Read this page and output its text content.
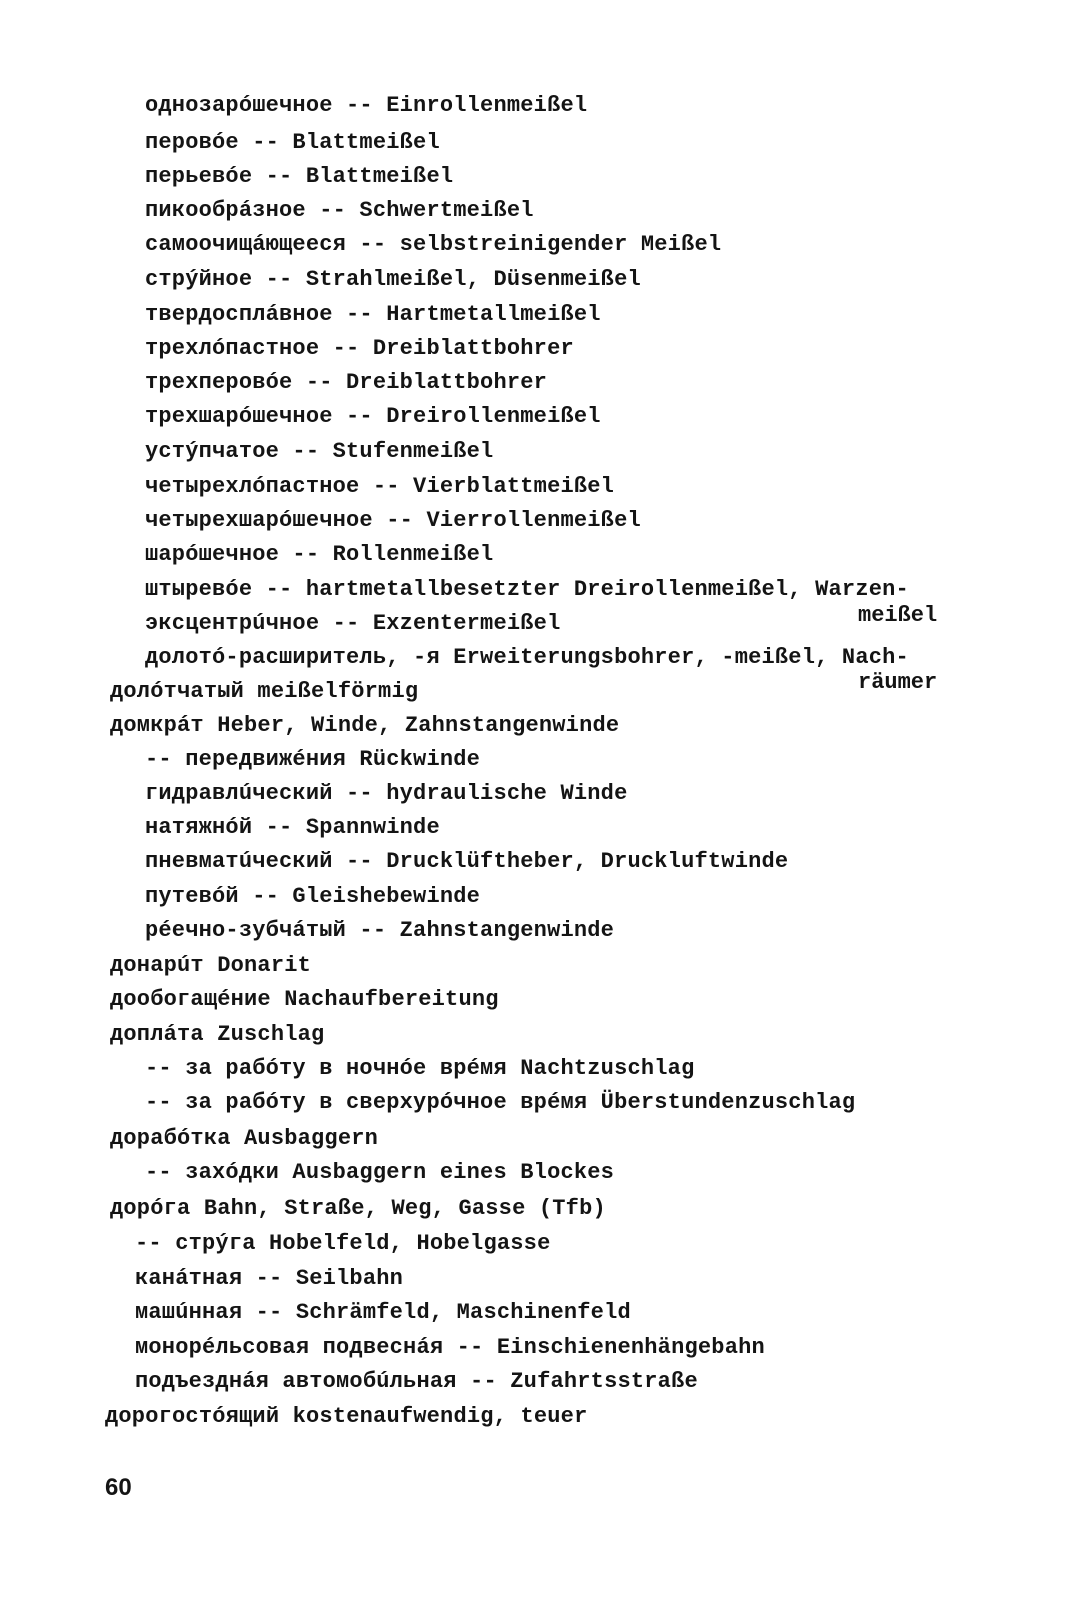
однозарóшечное -- Einrollenmeißel
перовóе -- Blattmeißel
перьевóе -- Blattmeißel
пикообрáзное -- Schwertmeißel
самоочищáющееся -- selbstreinigender Meißel
стрýйное -- Strahlmeißel, Düsenmeißel
твердосплáвное -- Hartmetallmeißel
трехлóпастное -- Dreiblattbohrer
трехперовóе -- Dreiblattbohrer
трехшарóшечное -- Dreirollenmeißel
устýпчатое -- Stufenmeißel
четырехлóпастное -- Vierblattmeißel
четырехшарóшечное -- Vierrollenmeißel
шарóшечное -- Rollenmeißel
штыревóе -- hartmetallbesetzter Dreirollenmeißel, Warzen-
meißel
эксцентрúчное -- Exzentermeißel
долотó-расширитель, -я Erweiterungsbohrer, -meißel, Nach-
räumer
долóтчатый meißelförmig
домкрáт Heber, Winde, Zahnstangenwinde
-- передвижéния Rückwinde
гидравлúческий -- hydraulische Winde
натяжнóй -- Spannwinde
пневматúческий -- Drucklüftheber, Druckluftwinde
путевóй -- Gleishebewinde
рéечно-зубчáтый -- Zahnstangenwinde
донарúт Donarit
дообогащéние Nachaufbereitung
доплáта Zuschlag
-- за рабóту в ночнóе врéмя Nachtzuschlag
-- за рабóту в сверхурóчное врéмя Überstundenzuschlag
дорабóтка Ausbaggern
-- захóдки Ausbaggern eines Blockes
дорóга Bahn, Straße, Weg, Gasse (Tfb)
-- стрýга Hobelfeld, Hobelgasse
канáтная -- Seilbahn
машúнная -- Schrämfeld, Maschinenfeld
монорéльсовая подвеснáя -- Einschienenhängebahn
подъезднáя автомобúльная -- Zufahrtsstraße
дорогостóящий kostenaufwendig, teuer
60
